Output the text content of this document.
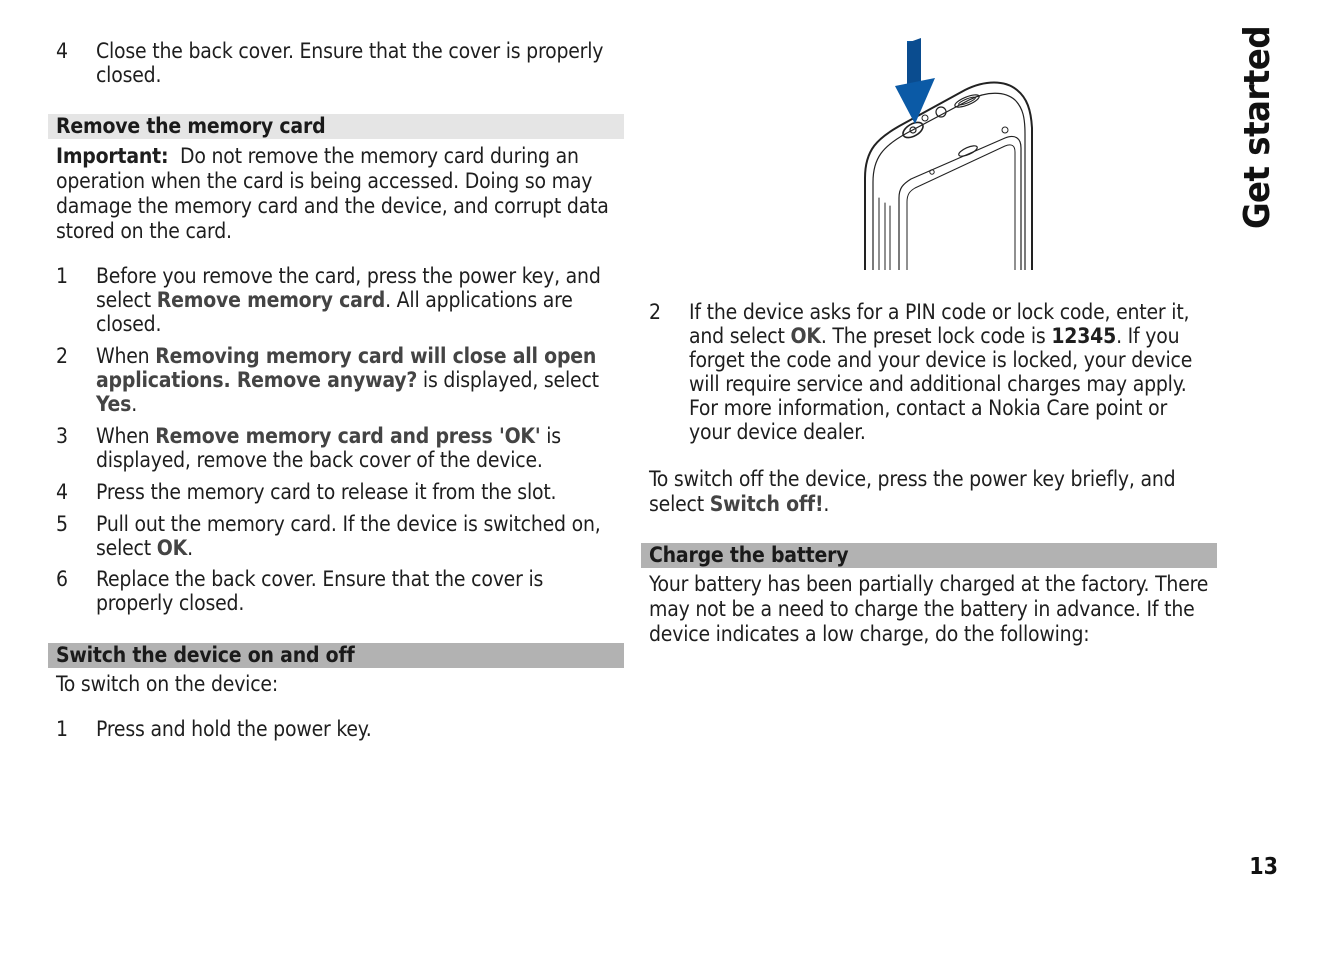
4	Close the back cover. Ensure that the cover is properly closed.
Remove the memory card

Important: Do not remove the memory card during an operation when the card is being accessed. Doing so may damage the memory card and the device, and corrupt data stored on the card.

1	Before you remove the card, press the power key, and select Remove memory card. All applications are closed.
2	When Removing memory card will close all open applications. Remove anyway? is displayed, select Yes.
3	When Remove memory card and press 'OK' is displayed, remove the back cover of the device.
4	Press the memory card to release it from the slot.
5	Pull out the memory card. If the device is switched on, select OK.
6	Replace the back cover. Ensure that the cover is properly closed.
Switch the device on and off

To switch on the device:

1	Press and hold the power key.
2	If the device asks for a PIN code or lock code, enter it, and select OK. The preset lock code is 12345. If you forget the code and your device is locked, your device will require service and additional charges may apply. For more information, contact a Nokia Care point or your device dealer.

To switch off the device, press the power key briefly, and select Switch off!.

Charge the battery

Your battery has been partially charged at the factory. There may not be a need to charge the battery in advance. If the device indicates a low charge, do the following:

Get started
13
